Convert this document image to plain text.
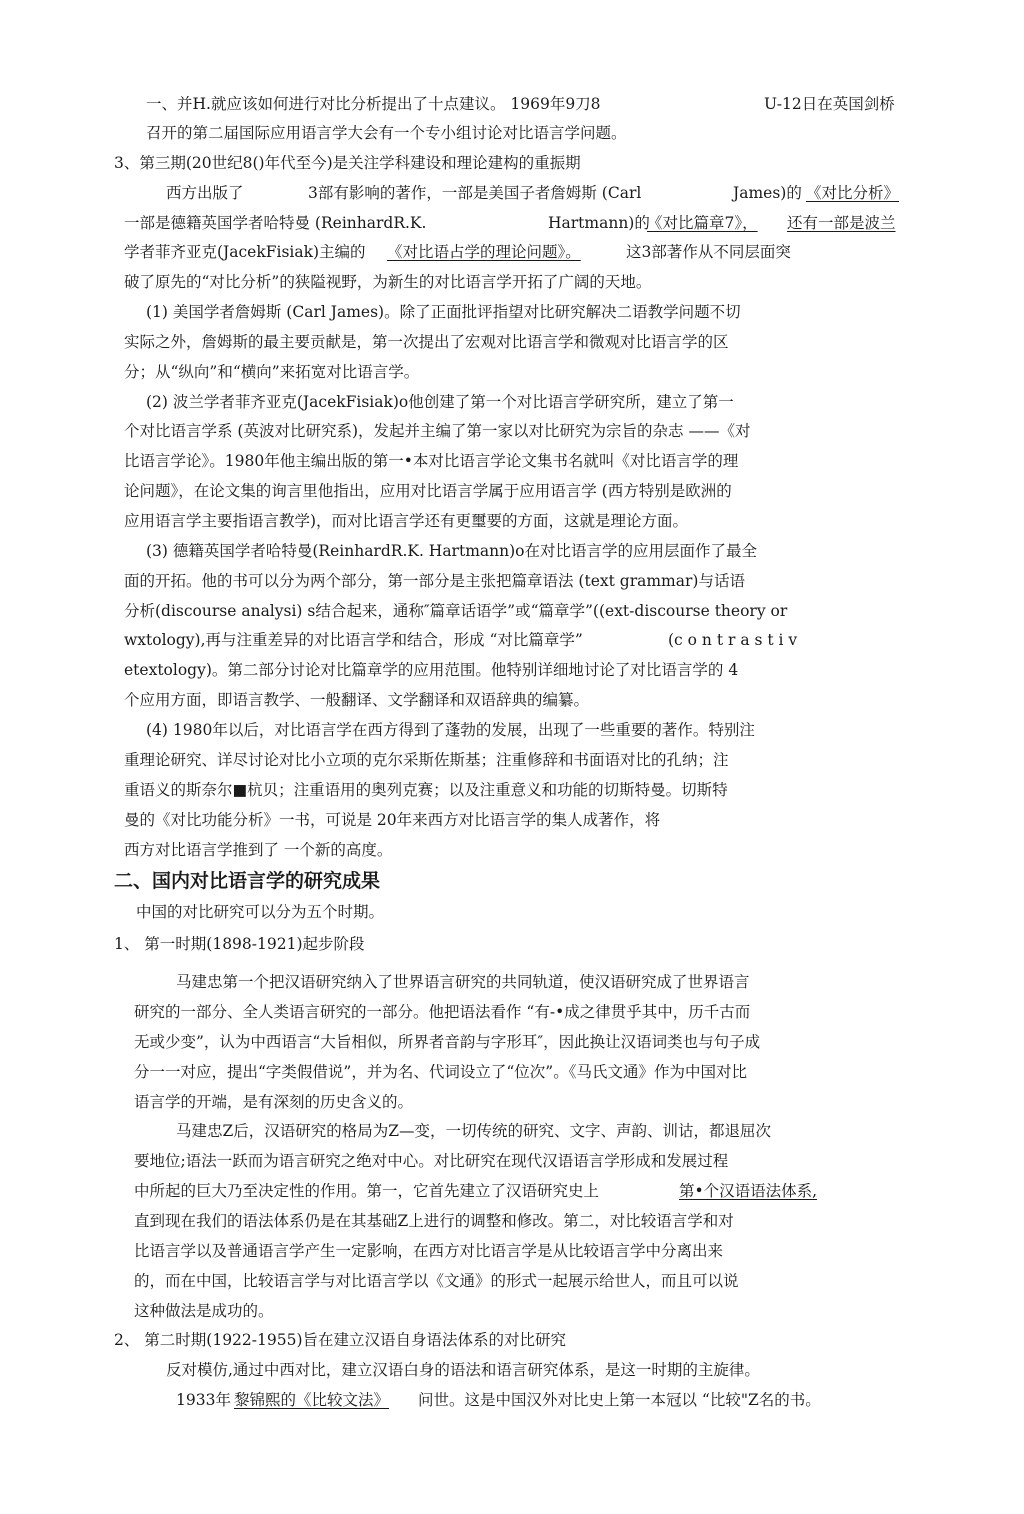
一、并H.就应该如何进行对比分析提出了十点建议。 1969年9刀8	U-12日在英国剑桥
召开的第二届国际应用语言学大会有一个专小组讨论对比语言学问题。
3、第三期(20世纪8()年代至今)是关注学科建设和理论建构的重振期
西方出版了	3部有影响的著作，一部是美国子者詹姆斯 (Carl	James)的 《对比分析》
一部是德籍英国学者哈特曼 (ReinhardR.K.	Hartmann)的
《对比篇章7》， 还有一部是波兰
学者菲齐亚克(JacekFisiak)主编的 《对比语占学的理论问题》。	这3部著作从不同层面突
破了原先的“对比分析”的狭隘视野，为新生的对比语言学开拓了广阔的天地。
(1) 美国学者詹姆斯 (Carl James)。除了正面批评指望对比研究解决二语教学问题不切
实际之外，詹姆斯的最主要贡献是，第一次提出了宏观对比语言学和微观对比语言学的区
分；从“纵向”和“横向”来拓宽对比语言学。
(2) 波兰学者菲齐亚克(JacekFisiak)o他创建了第一个对比语言学研究所，建立了第一
个对比语言学系 (英波对比研究系)，发起并主编了第一家以对比研究为宗旨的杂志 ——《对
比语言学论》。1980年他主编出版的第一•本对比语言学论文集书名就叫《对比语言学的理
论问题》，在论文集的询言里他指出，应用对比语言学属于应用语言学 (西方特别是欧洲的
应用语言学主要指语言教学)，而对比语言学还有更璽要的方面，这就是理论方面。
(3) 德籍英国学者哈特曼(ReinhardR.K. Hartmann)o在对比语言学的应用层面作了最全
面的开拓。他的书可以分为两个部分，第一部分是主张把篇章语法 (text grammar)与话语
分析(discourse analysi) s结合起来，通称″篇章话语学”或“篇章学”((ext-discourse theory or
wxtology),再与注重差异的对比语言学和结合，形成 “对比篇章学”	(c o n t r a s t i v
etextology)。第二部分讨论对比篇章学的应用范围。他特别详细地讨论了对比语言学的 4
个应用方面，即语言教学、一般翻译、文学翻译和双语辞典的编纂。
(4) 1980年以后，对比语言学在西方得到了蓬勃的发展，出现了一些重要的著作。特别注
重理论研究、详尽讨论对比小立项的克尔采斯佐斯基；注重修辞和书面语对比的孔纳；注
重语义的斯奈尔■杭贝；注重语用的奥列克赛；以及注重意义和功能的切斯特曼。切斯特
曼的《对比功能分析》一书，可说是 20年来西方对比语言学的集人成著作，将
西方对比语言学推到了 一个新的高度。
二、国内对比语言学的研究成果
中国的对比研究可以分为五个时期。
1、 第一时期(1898-1921)起步阶段
马建忠第一个把汉语研究纳入了世界语言研究的共同轨道，使汉语研究成了世界语言
研究的一部分、全人类语言研究的一部分。他把语法看作 “有-•成之律贯乎其中，历千古而
无或少变”，认为中西语言“大旨相似，所界者音韵与字形耳″，因此换让汉语词类也与句子成
分一一对应，提出“字类假借说”，并为名、代词设立了“位次”。《马氏文通》作为中国对比
语言学的开端，是有深刻的历史含义的。
马建忠Z后，汉语研究的格局为Z—变，一切传统的研究、文字、声韵、训诂，都退屈次
要地位;语法一跃而为语言研究之绝对中心。对比研究在现代汉语语言学形成和发展过程
中所起的巨大乃至决定性的作用。第一，它首先建立了汉语研究史上	第•个汉语语法体系,
直到现在我们的语法体系仍是在其基础Z上进行的调整和修改。第二，对比较语言学和对
比语言学以及普通语言学产生一定影响，在西方对比语言学是从比较语言学中分离出来
的，而在中国，比较语言学与对比语言学以《文通》的形式一起展示给世人，而且可以说
这种做法是成功的。
2、 第二时期(1922-1955)旨在建立汉语自身语法体系的对比研究
反对模仿,通过中西对比，建立汉语白身的语法和语言研究体系，是这一时期的主旋律。
1933年 黎锦熙的《比较文法》 问世。这是中国汉外对比史上第一本冠以 “比较"Z名的书。
